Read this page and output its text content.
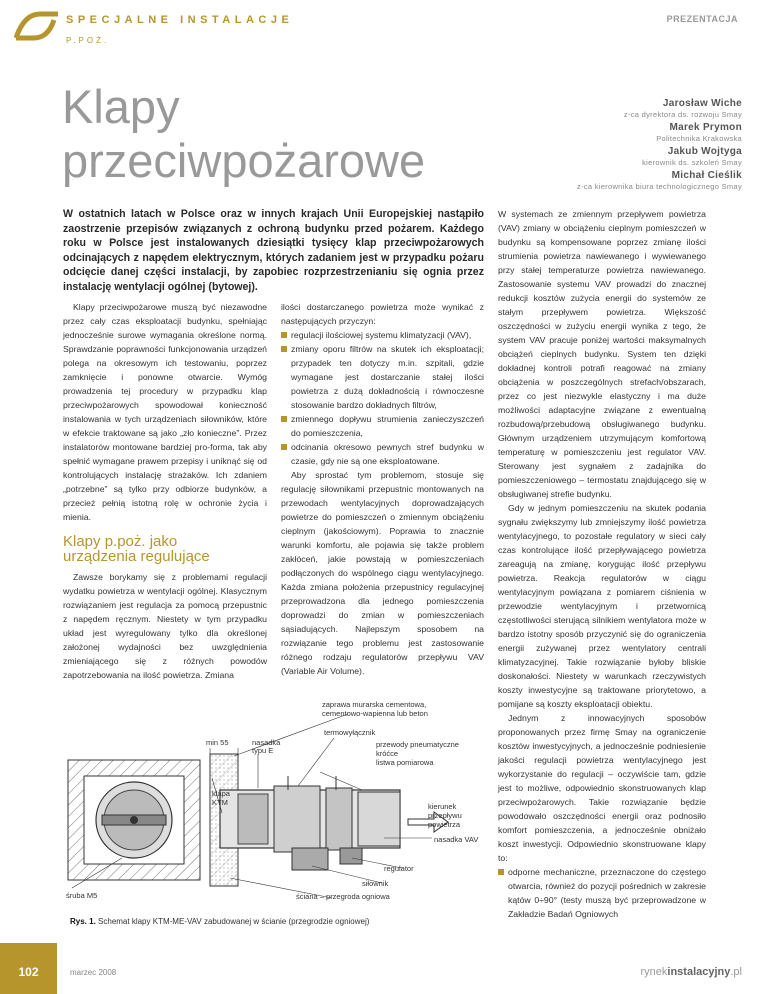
SPECJALNE INSTALACJE
P.POŻ.
PREZENTACJA
Klapy
przeciwpożarowe
Jarosław Wiche
z-ca dyrektora ds. rozwoju Smay
Marek Prymon
Politechnika Krakowska
Jakub Wojtyga
kierownik ds. szkoleń Smay
Michał Cieślik
z-ca kierownika biura technologicznego Smay

W ostatnich latach w Polsce oraz w innych krajach Unii Europejskiej nastąpiło zaostrzenie przepisów związanych z ochroną budynku przed pożarem. Każdego roku w Polsce jest instalowanych dziesiątki tysięcy klap przeciwpożarowych odcinających z napędem elektrycznym, których zadaniem jest w przypadku pożaru odcięcie danej części instalacji, by zapobiec rozprzestrzenianiu się ognia przez instalację wentylacji ogólnej (bytowej).

Klapy przeciwpożarowe muszą być niezawodne przez cały czas eksploatacji budynku, spełniając jednocześnie surowe wymagania określone normą. Sprawdzanie poprawności funkcjonowania urządzeń polega na okresowym ich testowaniu, poprzez zamknięcie i ponowne otwarcie. Wymóg prowadzenia tej procedury w przypadku klap przeciwpożarowych spowodował konieczność instalowania w tych urządzeniach siłowników, które w efekcie traktowane są jako „zło konieczne”. Przez instalatorów montowane bardziej pro-forma, tak aby spełnić wymagane prawem przepisy i uniknąć się od kontrolujących instalację strażaków. Ich zdaniem „potrzebne” są tylko przy odbiorze budynków, a przecież pełnią istotną rolę w ochronie życia i mienia.

Klapy p.poż. jako
urządzenia regulujące

Zawsze borykamy się z problemami regulacji wydatku powietrza w wentylacji ogólnej. Klasycznym rozwiązaniem jest regulacja za pomocą przepustnic z napędem ręcznym. Niestety w tym przypadku układ jest wyregulowany tylko dla określonej założonej wydajności bez uwzględnienia zmieniającego się z różnych powodów zapotrzebowania na ilość powietrza. Zmiana

ilości dostarczanego powietrza może wynikać z następujących przyczyn:

regulacji ilościowej systemu klimatyzacji (VAV),
zmiany oporu filtrów na skutek ich eksploatacji; przypadek ten dotyczy m.in. szpitali, gdzie wymagane jest dostarczanie stałej ilości powietrza z dużą dokładnością i równoczesne stosowanie bardzo dokładnych filtrów,
zmiennego dopływu strumienia zanieczyszczeń do pomieszczenia,
odcinania okresowo pewnych stref budynku w czasie, gdy nie są one eksploatowane.

Aby sprostać tym problemom, stosuje się regulację siłownikami przepustnic montowanych na przewodach wentylacyjnych doprowadzających powietrze do pomieszczeń o zmiennym obciążeniu cieplnym (jakościowym). Poprawia to znacznie warunki komfortu, ale pojawia się także problem zakłóceń, jakie powstają w pomieszczeniach podłączonych do wspólnego ciągu wentylacyjnego. Każda zmiana położenia przepustnicy regulacyjnej przeprowadzona dla jednego pomieszczenia doprowadzi do zmian w pomieszczeniach sąsiadujących. Najlepszym sposobem na rozwiązanie tego problemu jest zastosowanie różnego rodzaju regulatorów przepływu VAV (Variable Air Volume).

W systemach ze zmiennym przepływem powietrza (VAV) zmiany w obciążeniu cieplnym pomieszczeń w budynku są kompensowane poprzez zmianę ilości strumienia powietrza nawiewanego i wywiewanego przy stałej temperaturze powietrza nawiewanego. Zastosowanie systemu VAV prowadzi do znacznej redukcji kosztów zużycia energii do systemów ze stałym przepływem powietrza. Większość oszczędności w zużyciu energii wynika z tego, że system VAV pracuje poniżej wartości maksymalnych obciążeń cieplnych budynku. System ten dzięki dokładnej kontroli potrafi reagować na zmiany obciążenia w poszczególnych strefach/obszarach, przez co jest niezwykle elastyczny i ma duże możliwości adaptacyjne związane z ewentualną rozbudową/przebudową obsługiwanego budynku. Głównym urządzeniem utrzymującym komfortową temperaturę w pomieszczeniu jest regulator VAV. Sterowany jest sygnałem z zadajnika do pomieszczeniowego – termostatu znajdującego się w obsługiwanej strefie budynku.

Gdy w jednym pomieszczeniu na skutek podania sygnału zwiększymy lub zmniejszymy ilość powietrza wentylacyjnego, to pozostałe regulatory w sieci cały czas kontrolujące ilość przepływającego powietrza zareagują na zmianę, korygując ilość przepływu powietrza. Reakcja regulatorów w ciągu wentylacyjnym powiązana z pomiarem ciśnienia w przewodzie wentylacyjnym i przetwornicą częstotliwości sterującą silnikiem wentylatora może w bardzo istotny sposób przyczynić się do ograniczenia energii zużywanej przez wentylatory centrali klimatyzacyjnej. Takie rozwiązanie byłoby bliskie doskonałości. Niestety w warunkach rzeczywistych koszty inwestycyjne są traktowane priorytetowo, a pomijane są koszty eksploatacji obiektu.

Jednym z innowacyjnych sposobów proponowanych przez firmę Smay na ograniczenie kosztów inwestycyjnych, a jednocześnie podniesienie jakości regulacji powietrza wentylacyjnego jest wykorzystanie do regulacji – oczywiście tam, gdzie jest to możliwe, odpowiednio skonstruowanych klap przeciwpożarowych. Takie rozwiązanie będzie powodowało oszczędności energii oraz podnosiło komfort pomieszczenia, a jednocześnie obniżało koszt inwestycji. Odpowiednio skonstruowane klapy to:

odporne mechaniczne, przeznaczone do częstego otwarcia, również do pozycji pośrednich w zakresie kątów 0÷90° (testy muszą być przeprowadzone w Zakładzie Badań Ogniowych
zaprawa murarska cementowa,
cementowo-wapienna lub beton
min 55
termowyłącznik
nasadka
typu E
przewody pneumatyczne
króćce
listwa pomiarowa
klapa
KTM	kierunek
przepływu
powietrza
nasadka VAV
regulator
siłownik
śruba M5	ściana – przegroda ogniowa
Rys. 1. Schemat klapy KTM-ME-VAV zabudowanej w ścianie (przegrodzie ogniowej)
102	marzec 2008	rynekinstalacyjny.pl
